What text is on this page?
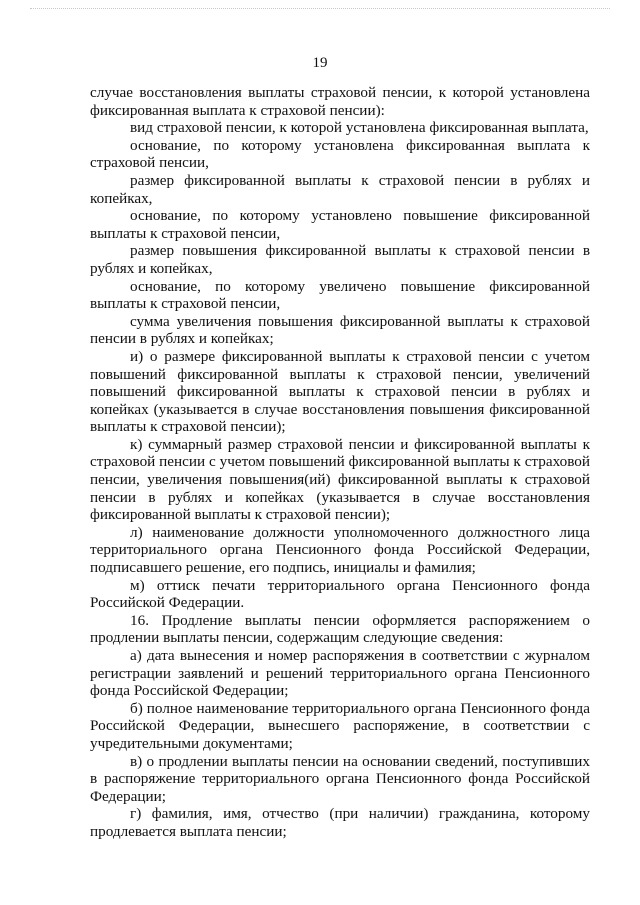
19

случае восстановления выплаты страховой пенсии, к которой установлена фиксированная выплата к страховой пенсии):

вид страховой пенсии, к которой установлена фиксированная выплата,

основание, по которому установлена фиксированная выплата к страховой пенсии,

размер фиксированной выплаты к страховой пенсии в рублях и копейках,

основание, по которому установлено повышение фиксированной выплаты к страховой пенсии,

размер повышения фиксированной выплаты к страховой пенсии в рублях и копейках,

основание, по которому увеличено повышение фиксированной выплаты к страховой пенсии,

сумма увеличения повышения фиксированной выплаты к страховой пенсии в рублях и копейках;

и) о размере фиксированной выплаты к страховой пенсии с учетом повышений фиксированной выплаты к страховой пенсии, увеличений повышений фиксированной выплаты к страховой пенсии в рублях и копейках (указывается в случае восстановления повышения фиксированной выплаты к страховой пенсии);

к) суммарный размер страховой пенсии и фиксированной выплаты к страховой пенсии с учетом повышений фиксированной выплаты к страховой пенсии, увеличения повышения(ий) фиксированной выплаты к страховой пенсии в рублях и копейках (указывается в случае восстановления фиксированной выплаты к страховой пенсии);

л) наименование должности уполномоченного должностного лица территориального органа Пенсионного фонда Российской Федерации, подписавшего решение, его подпись, инициалы и фамилия;

м) оттиск печати территориального органа Пенсионного фонда Российской Федерации.

16. Продление выплаты пенсии оформляется распоряжением о продлении выплаты пенсии, содержащим следующие сведения:

а) дата вынесения и номер распоряжения в соответствии с журналом регистрации заявлений и решений территориального органа Пенсионного фонда Российской Федерации;

б) полное наименование территориального органа Пенсионного фонда Российской Федерации, вынесшего распоряжение, в соответствии с учредительными документами;

в) о продлении выплаты пенсии на основании сведений, поступивших в распоряжение территориального органа Пенсионного фонда Российской Федерации;

г) фамилия, имя, отчество (при наличии) гражданина, которому продлевается выплата пенсии;
